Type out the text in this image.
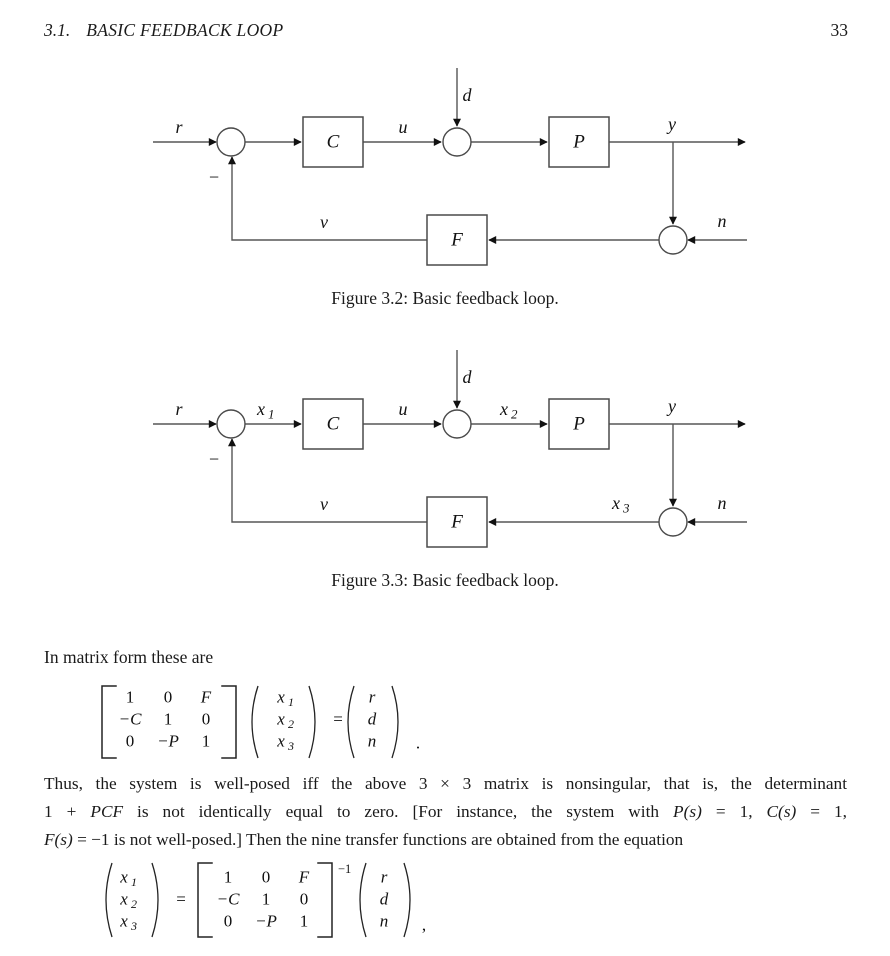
3.1. BASIC FEEDBACK LOOP	33
C	P
F
r	u
d
y
v	n
−
Figure 3.2: Basic feedback loop.
C	P
F
r	u
d
y
v	n
−
x 1	x 2
x 3
Figure 3.3: Basic feedback loop.
In matrix form these are
1 0 F
−C 1 0
0 −P 1
x 1
x 2
x 3
=
r
d
n .
Thus, the system is well-posed iff the above 3 × 3 matrix is nonsingular, that is, the determinant
1 + PCF is not identically equal to zero. [For instance, the system with P(s) = 1, C(s) = 1,
F(s) = −1 is not well-posed.] Then the nine transfer functions are obtained from the equation
x 1
x 2
x 3
=
1 0 F
−C 1 0
0 −P 1
−1 r
d
n ,
